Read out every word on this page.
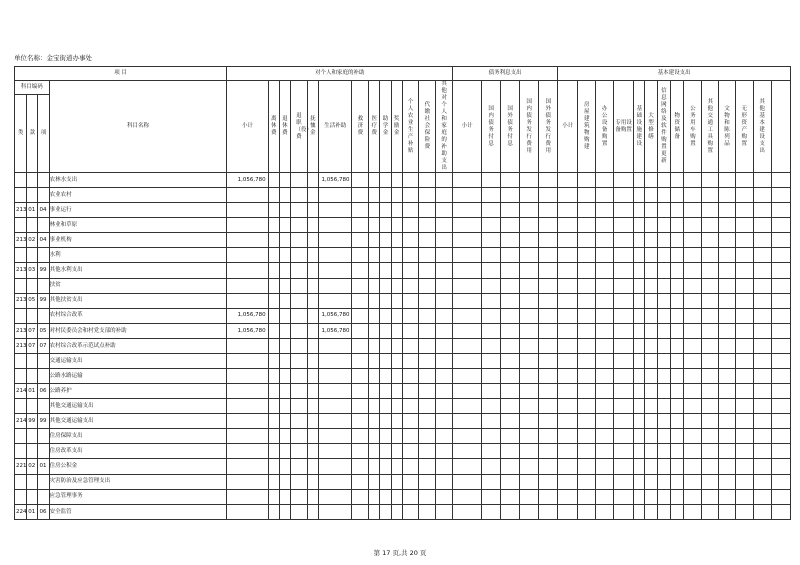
单位名称：金宝街道办事处
项 目				对个人和家庭的补助													债务利息支出					基本建设支出													
科目编码			科目名称	小计	离休费	退休费	退职（役）费	抚恤金	生活补助	救济费	医疗费	助学金	奖励金	个人农业生产补贴	代缴社会保险费	其他对个人和家庭的补助支出	小计	国内债务付息	国外债务付息	国内债务发行费用	国外债务发行费用	小计	房屋建筑物购建	办公设备购置	专用设备购置	基础设施建设	大型修缮	信息网络及软件购置更新	物资储备	公务用车购置	其他交通工具购置	文物和陈列品	无形资产购置	其他基本建设支出	
类	款	项																																	
			农林水支出	1,056,780					1,056,780																										
			农业农村																																
213	01	04	事业运行																																
			林业和草原																																
213	02	04	事业机构																																
			水利																																
213	03	99	其他水利支出																																
			扶贫																																
213	05	99	其他扶贫支出																																
			农村综合改革	1,056,780					1,056,780																										
213	07	05	对村民委员会和村党支部的补助	1,056,780					1,056,780																										
213	07	07	农村综合改革示范试点补助																																
			交通运输支出																																
			公路水路运输																																
214	01	06	公路养护																																
			其他交通运输支出																																
214	99	99	其他交通运输支出																																
			住房保障支出																																
			住房改革支出																																
221	02	01	住房公积金																																
			灾害防治及应急管理支出																																
			应急管理事务																																
224	01	06	安全监管																																
第 17 页,共 20 页
